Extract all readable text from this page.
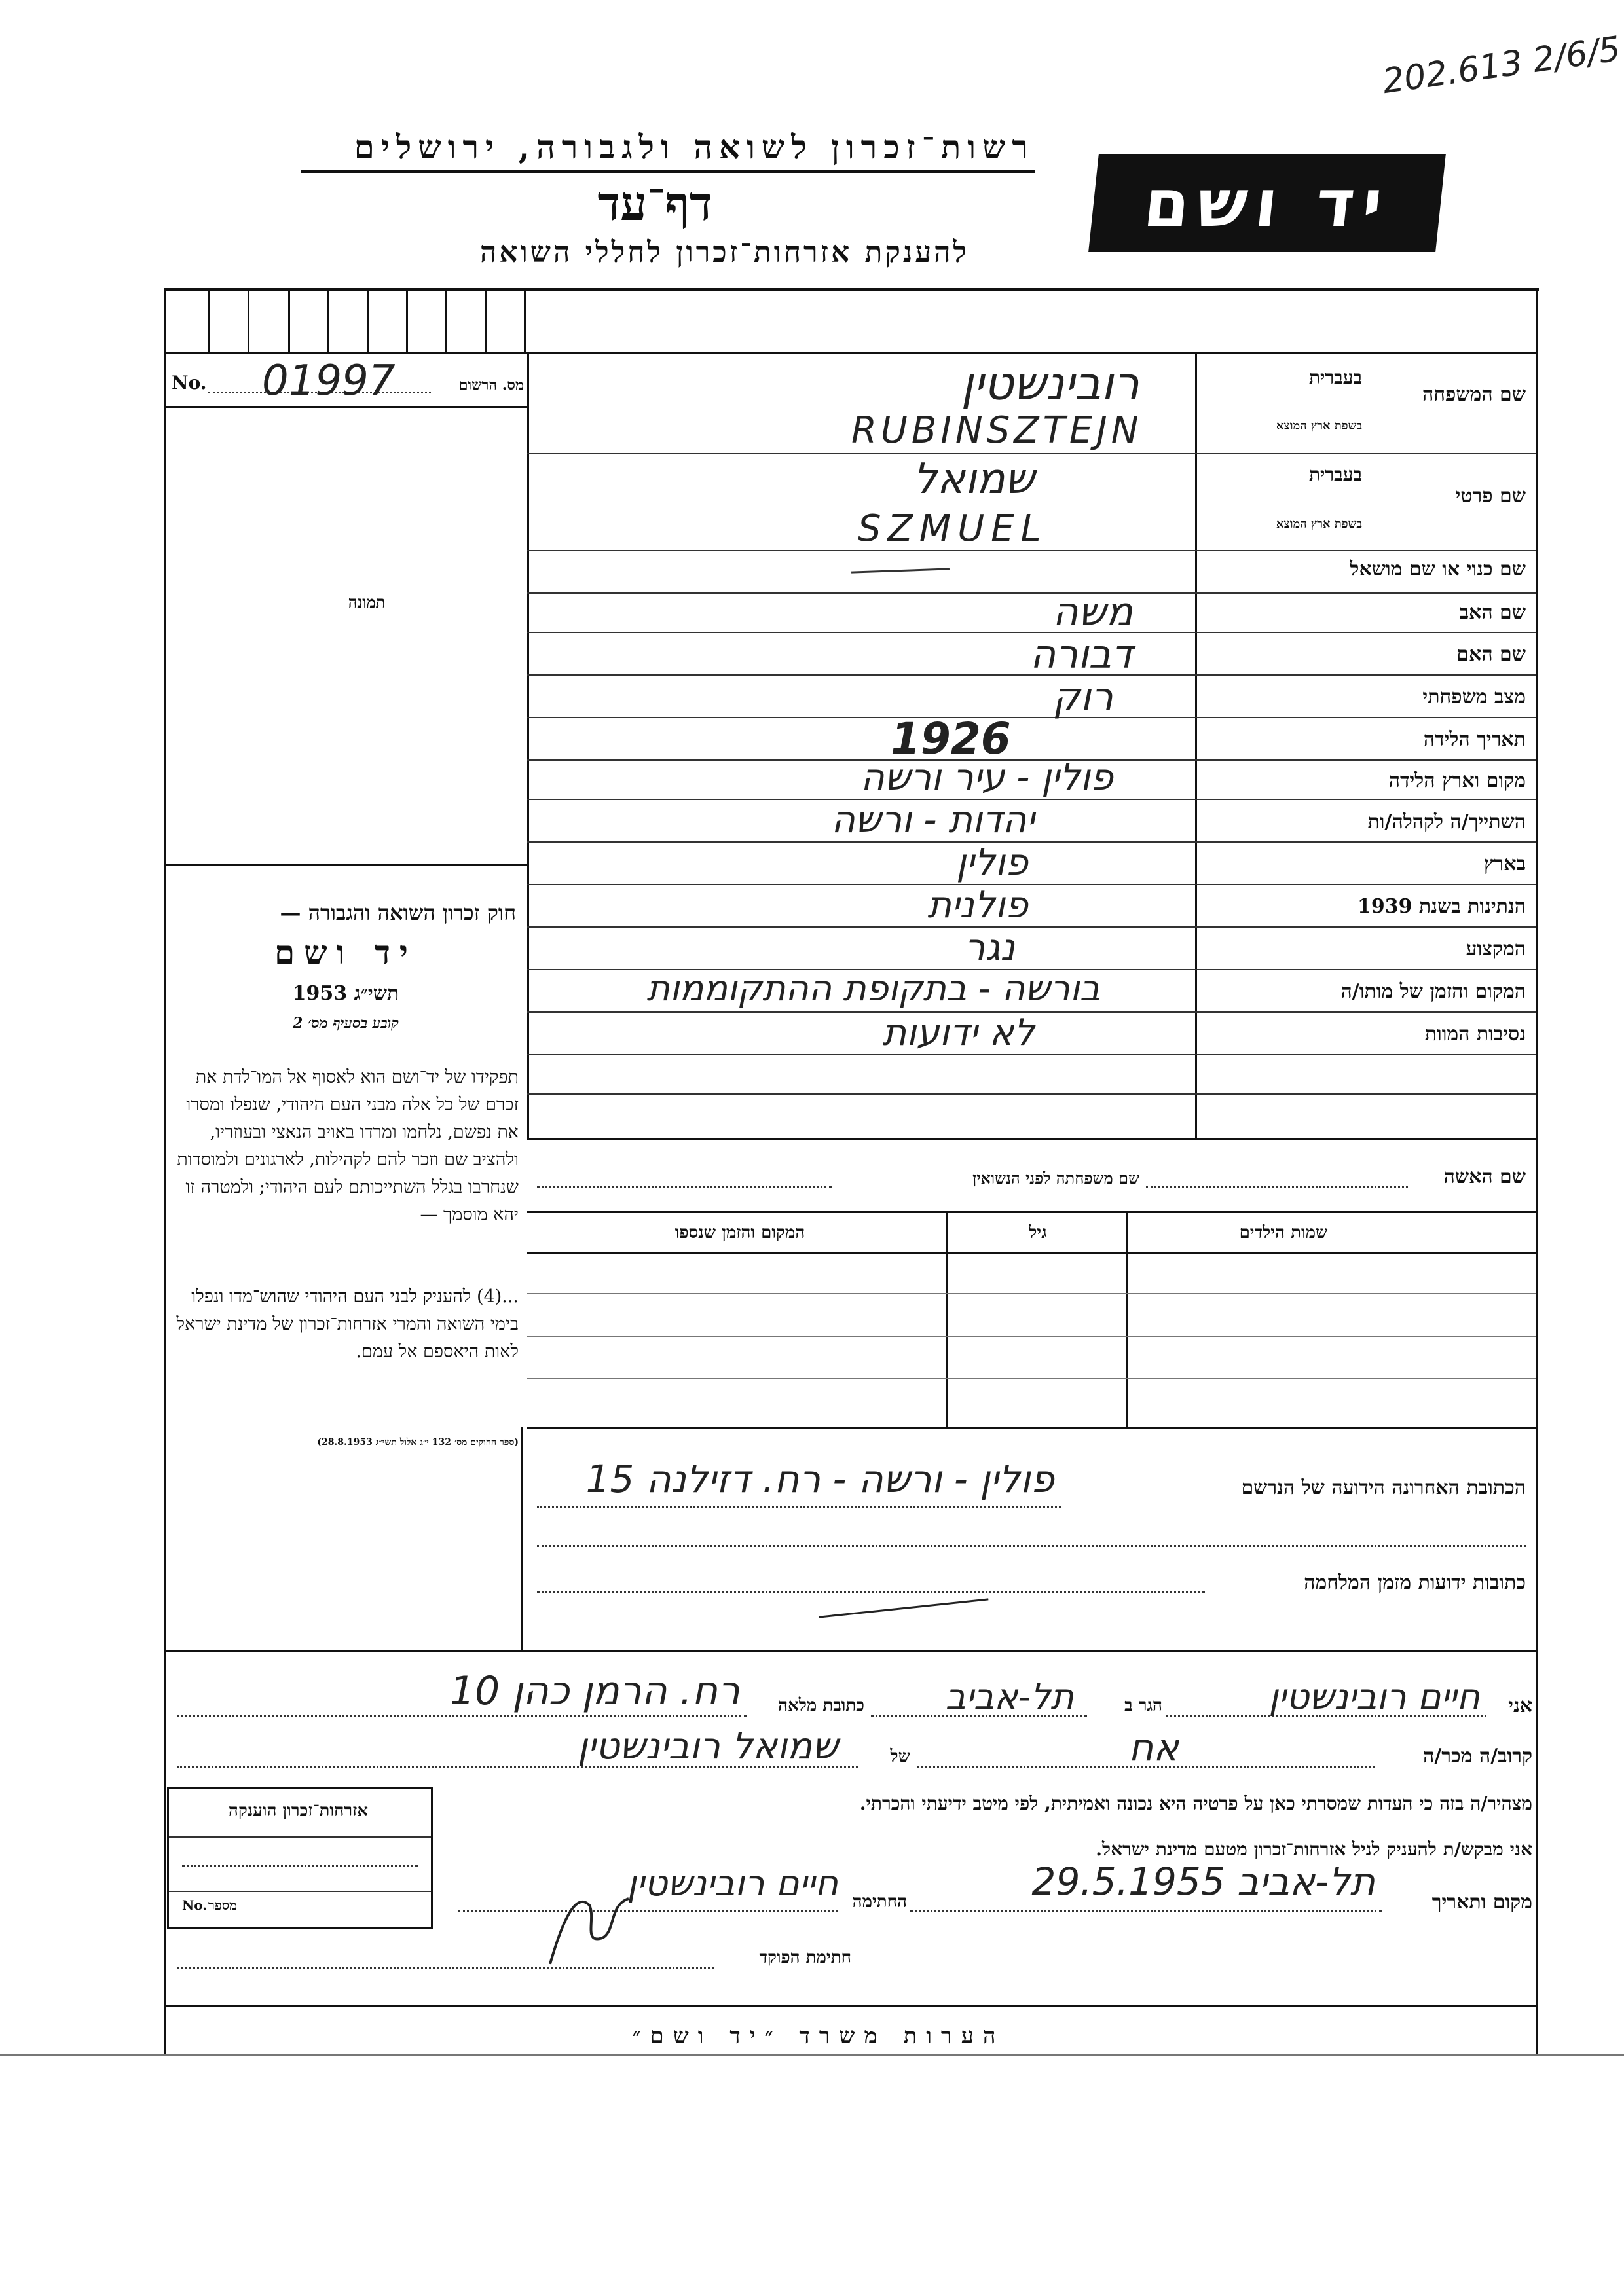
202.613 2/6/5
רשות־זכרון לשואה ולגבורה, ירושלים
דף־עד
להענקת אזרחות־זכרון לחללי השואה
יד ושם
No. 01997	מס. הרשום
תמונה
חוק זכרון השואה והגבורה —
יד ושם
תשי״ג 1953
קובע בסעיף מס׳ 2
תפקידו של יד־ושם הוא לאסוף אל המו־לדת את זכרם של כל אלה מבני העם היהודי, שנפלו ומסרו את נפשם, נלחמו ומרדו באויב הנאצי ובעוזריו, ולהציב שם וזכר להם לקהילות, לארגונים ולמוסדות שנחרבו בגלל השתייכותם לעם היהודי; ולמטרה זו יהא מוסמך —
...(4) להעניק לבני העם היהודי שהוש־מדו ונפלו בימי השואה והמרי אזרחות־זכרון של מדינת ישראל לאות היאספם אל עמם.
(ספר החוקים מס׳ 132 י״ג אלול תשי״ג 28.8.1953)
שם המשפחה
בעברית
בשפת ארץ המוצא
רובינשטין
RUBINSZTEJN
שם פרטי
בעברית
בשפת ארץ המוצא
שמואל
SZMUEL
שם כנוי או שם מושאל
שם האב
משה
שם האם
דבורה
מצב משפחתי
רוק
תאריך הלידה
1926
מקום וארץ הלידה
פולין - עיר ורשה
השתייך/ה לקהלה/ות
יהדות - ורשה
בארץ
פולין
הנתינות בשנת 1939
פולנית
המקצוע
נגר
המקום והזמן של מותו/ה
בורשה - בתקופת ההתקוממות
נסיבות המוות
לא ידועות
שם האשה
שם משפחתה לפני הנשואין
שמות הילדים
גיל
המקום והזמן שנספו
הכתובת האחרונה הידועה של הנרשם
פולין - ורשה - רח. דזילנה 15
כתובות ידועות מזמן המלחמה
אני
חיים רובינשטין
הגר ב
תל-אביב
כתובת מלאה
רח. הרמן כהן 10
קרוב/ה מכר/ה
אח
של
שמואל רובינשטין
אזרחות־זכרון הוענקה
No. מספר
מצהיר/ה בזה כי העדות שמסרתי כאן על פרטיה היא נכונה ואמיתית, לפי מיטב ידיעתי והכרתי.
אני מבקש/ת להעניק לניל אזרחות־זכרון מטעם מדינת ישראל.
מקום ותאריך
תל-אביב 29.5.1955
החתימה
חיים רובינשטין
חתימת הפוקד
הערות משרד ״יד ושם״
